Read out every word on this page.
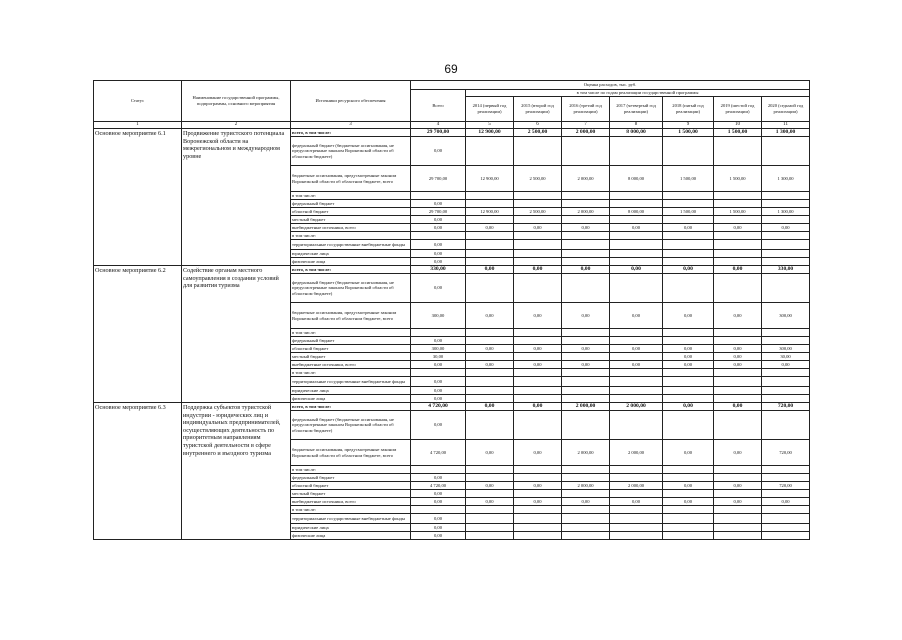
69
Статус	Наименование государственной программы, подпрограммы, основного мероприятия	Источники ресурсного обеспечения	Оценка расходов, тыс. руб.							
			Всего	в том числе по годам реализации государственной программы						
				2014 (первый год реализации)	2015 (второй год реализации)	2016 (третий год реализации)	2017 (четвертый год реализации)	2018 (пятый год реализации)	2019 (шестой год реализации)	2020 (седьмой год реализации)
1	2	3	4	5	6	7	8	9	10	11
Основное мероприятие 6.1	Продвижение туристского потенциала Воронежской области на межрегиональном и международном уровне	всего, в том числе:	29 700,00	12 900,00	2 500,00	2 000,00	8 000,00	1 500,00	1 500,00	1 300,00
		федеральный бюджет (бюджетные ассигнования, не предусмотренные законом Воронежской области об областном бюджете)	0,00							
		бюджетные ассигнования, предусмотренные законом Воронежской области об областном бюджете, всего	29 700,00	12 900,00	2 500,00	2 000,00	8 000,00	1 500,00	1 500,00	1 300,00
		в том числе:								
		федеральный бюджет	0,00							
		областной бюджет	29 700,00	12 900,00	2 500,00	2 000,00	8 000,00	1 500,00	1 500,00	1 300,00
		местный бюджет	0,00							
		внебюджетные источники, всего	0,00	0,00	0,00	0,00	0,00	0,00	0,00	0,00
		в том числе:								
		территориальные государственные внебюджетные фонды	0,00							
		юридические лица	0,00							
		физические лица	0,00							
Основное мероприятие 6.2	Содействие органам местного самоуправления в создании условий для развития туризма	всего, в том числе:	330,00	0,00	0,00	0,00	0,00	0,00	0,00	330,00
		федеральный бюджет (бюджетные ассигнования, не предусмотренные законом Воронежской области об областном бюджете)	0,00							
		бюджетные ассигнования, предусмотренные законом Воронежской области об областном бюджете, всего	300,00	0,00	0,00	0,00	0,00	0,00	0,00	300,00
		в том числе:								
		федеральный бюджет	0,00							
		областной бюджет	300,00	0,00	0,00	0,00	0,00	0,00	0,00	300,00
		местный бюджет	30,00					0,00	0,00	30,00
		внебюджетные источники, всего	0,00	0,00	0,00	0,00	0,00	0,00	0,00	0,00
		в том числе:								
		территориальные государственные внебюджетные фонды	0,00							
		юридические лица	0,00							
		физические лица	0,00							
Основное мероприятие 6.3	Поддержка субъектов туристской индустрии - юридических лиц и индивидуальных предпринимателей, осуществляющих деятельность по приоритетным направлениям туристской деятельности в сфере внутреннего и въездного туризма	всего, в том числе:	4 720,00	0,00	0,00	2 000,00	2 000,00	0,00	0,00	720,00
		федеральный бюджет (бюджетные ассигнования, не предусмотренные законом Воронежской области об областном бюджете)	0,00							
		бюджетные ассигнования, предусмотренные законом Воронежской области об областном бюджете, всего	4 720,00	0,00	0,00	2 000,00	2 000,00	0,00	0,00	720,00
		в том числе:								
		федеральный бюджет	0,00							
		областной бюджет	4 720,00	0,00	0,00	2 000,00	2 000,00	0,00	0,00	720,00
		местный бюджет	0,00							
		внебюджетные источники, всего	0,00	0,00	0,00	0,00	0,00	0,00	0,00	0,00
		в том числе:								
		территориальные государственные внебюджетные фонды	0,00							
		юридические лица	0,00							
		физические лица	0,00							
